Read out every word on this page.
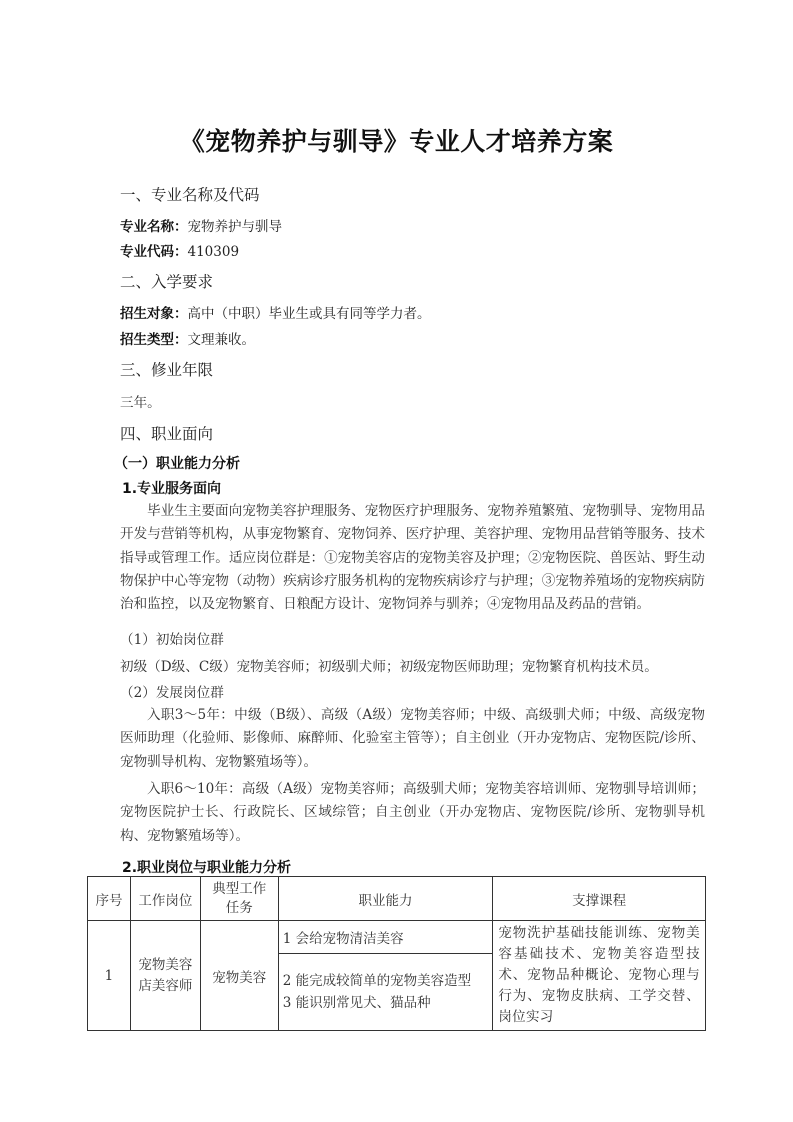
《宠物养护与驯导》专业人才培养方案
一、专业名称及代码
专业名称：宠物养护与驯导
专业代码：410309
二、入学要求
招生对象：高中（中职）毕业生或具有同等学力者。
招生类型：文理兼收。
三、修业年限
三年。
四、职业面向
（一）职业能力分析
1.专业服务面向
毕业生主要面向宠物美容护理服务、宠物医疗护理服务、宠物养殖繁殖、宠物驯导、宠物用品开发与营销等机构，从事宠物繁育、宠物饲养、医疗护理、美容护理、宠物用品营销等服务、技术指导或管理工作。适应岗位群是：①宠物美容店的宠物美容及护理；②宠物医院、兽医站、野生动物保护中心等宠物（动物）疾病诊疗服务机构的宠物疾病诊疗与护理；③宠物养殖场的宠物疾病防治和监控，以及宠物繁育、日粮配方设计、宠物饲养与驯养；④宠物用品及药品的营销。
（1）初始岗位群
初级（D级、C级）宠物美容师；初级驯犬师；初级宠物医师助理；宠物繁育机构技术员。
（2）发展岗位群
入职3～5年：中级（B级）、高级（A级）宠物美容师；中级、高级驯犬师；中级、高级宠物医师助理（化验师、影像师、麻醉师、化验室主管等）；自主创业（开办宠物店、宠物医院/诊所、宠物驯导机构、宠物繁殖场等）。
入职6～10年：高级（A级）宠物美容师；高级驯犬师；宠物美容培训师、宠物驯导培训师；宠物医院护士长、行政院长、区域综管；自主创业（开办宠物店、宠物医院/诊所、宠物驯导机构、宠物繁殖场等）。
2.职业岗位与职业能力分析
序号	工作岗位	典型工作任务	职业能力	支撑课程
1	宠物美容店美容师	宠物美容	1 会给宠物清洁美容	宠物洗护基础技能训练、宠物美容基础技术、宠物美容造型技术、宠物品种概论、宠物心理与行为、宠物皮肤病、工学交替、岗位实习

			2 能完成较简单的宠物美容造型
3 能识别常见犬、猫品种	
